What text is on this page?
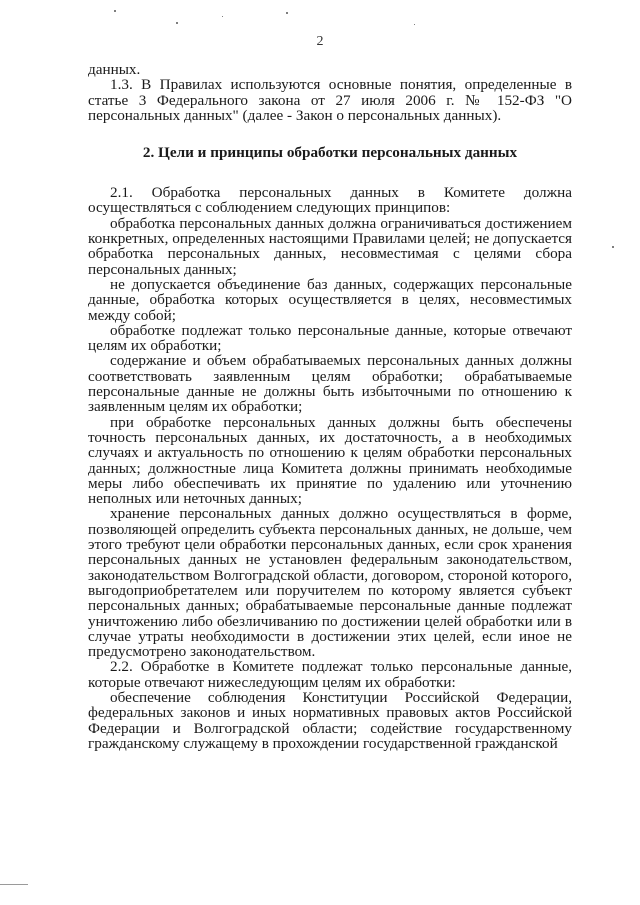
2

данных.

1.3. В Правилах используются основные понятия, определенные в статье 3 Федерального закона от 27 июля 2006 г. № 152-ФЗ "О персональных данных" (далее - Закон о персональных данных).

2. Цели и принципы обработки персональных данных

2.1. Обработка персональных данных в Комитете должна осуществляться с соблюдением следующих принципов:

обработка персональных данных должна ограничиваться достижением конкретных, определенных настоящими Правилами целей; не допускается обработка персональных данных, несовместимая с целями сбора персональных данных;

не допускается объединение баз данных, содержащих персональные данные, обработка которых осуществляется в целях, несовместимых между собой;

обработке подлежат только персональные данные, которые отвечают целям их обработки;

содержание и объем обрабатываемых персональных данных должны соответствовать заявленным целям обработки; обрабатываемые персональные данные не должны быть избыточными по отношению к заявленным целям их обработки;

при обработке персональных данных должны быть обеспечены точность персональных данных, их достаточность, а в необходимых случаях и актуальность по отношению к целям обработки персональных данных; должностные лица Комитета должны принимать необходимые меры либо обеспечивать их принятие по удалению или уточнению неполных или неточных данных;

хранение персональных данных должно осуществляться в форме, позволяющей определить субъекта персональных данных, не дольше, чем этого требуют цели обработки персональных данных, если срок хранения персональных данных не установлен федеральным законодательством, законодательством Волгоградской области, договором, стороной которого, выгодоприобретателем или поручителем по которому является субъект персональных данных; обрабатываемые персональные данные подлежат уничтожению либо обезличиванию по достижении целей обработки или в случае утраты необходимости в достижении этих целей, если иное не предусмотрено законодательством.

2.2. Обработке в Комитете подлежат только персональные данные, которые отвечают нижеследующим целям их обработки:

обеспечение соблюдения Конституции Российской Федерации, федеральных законов и иных нормативных правовых актов Российской Федерации и Волгоградской области; содействие государственному гражданскому служащему в прохождении государственной гражданской
